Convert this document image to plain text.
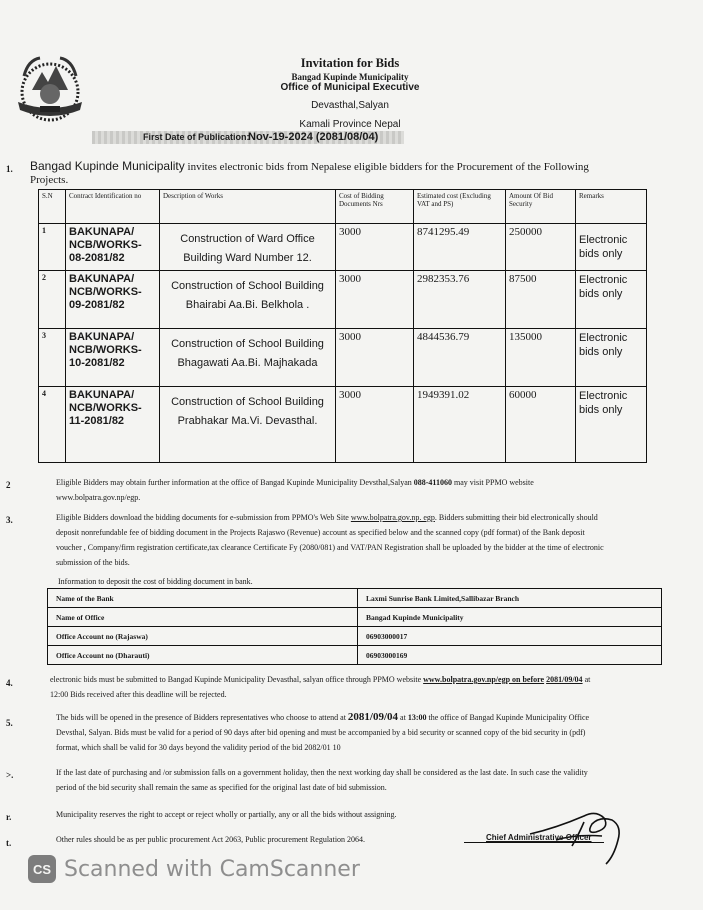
Invitation for Bids
Bangad Kupinde Municipality
Office of Municipal Executive
Devasthal,Salyan
Kamali Province Nepal
First Date of Publication:
Nov-19-2024 (2081/08/04)
1. Bangad Kupinde Municipality invites electronic bids from Nepalese eligible bidders for the Procurement of the Following Projects.
S.N	Contract Identification no	Description of Works	Cost of Bidding Documents Nrs	Estimated cost (Excluding VAT and PS)	Amount Of Bid Security	Remarks
1	BAKUNAPA/ NCB/WORKS-08-2081/82	Construction of Ward Office Building Ward Number 12.	3000	8741295.49	250000	Electronic bids only
2	BAKUNAPA/ NCB/WORKS-09-2081/82	Construction of School Building Bhairabi Aa.Bi. Belkhola .	3000	2982353.76	87500	Electronic bids only
3	BAKUNAPA/ NCB/WORKS-10-2081/82	Construction of School Building Bhagawati Aa.Bi. Majhakada	3000	4844536.79	135000	Electronic bids only
4	BAKUNAPA/ NCB/WORKS-11-2081/82	Construction of School Building Prabhakar Ma.Vi. Devasthal.	3000	1949391.02	60000	Electronic bids only
2	Eligible Bidders may obtain further information at the office of Bangad Kupinde Municipality Devsthal,Salyan 088-411060 may visit PPMO website www.bolpatra.gov.np/egp.
3.	Eligible Bidders download the bidding documents for e-submission from PPMO's Web Site www.bolpatra.gov.np. egp. Bidders submitting their bid electronically should deposit nonrefundable fee of bidding document in the Projects Rajaswo (Revenue) account as specified below and the scanned copy (pdf format) of the Bank deposit voucher , Company/firm registration certificate,tax clearance Certificate Fy (2080/081) and VAT/PAN Registration shall be uploaded by the bidder at the time of electronic submission of the bids.
Information to deposit the cost of bidding document in bank.
Name of the Bank	Laxmi Sunrise Bank Limited,Sallibazar Branch
Name of Office	Bangad Kupinde Municipality
Office Account no (Rajaswa)	06903000017
Office Account no (Dharauti)	06903000169
4.	electronic bids must be submitted to Bangad Kupinde Municipality Devasthal, salyan office through PPMO website www.bolpatra.gov.np/egp on before 2081/09/04 at 12:00 Bids received after this deadline will be rejected.
5.
The bids will be opened in the presence of Bidders representatives who choose to attend at 2081/09/04 at 13:00 the office of Bangad Kupinde Municipality Office Devsthal, Salyan. Bids must be valid for a period of 90 days after bid opening and must be accompanied by a bid security or scanned copy of the bid security in (pdf) format, which shall be valid for 30 days beyond the validity period of the bid 2082/01 10
>.	If the last date of purchasing and /or submission falls on a government holiday, then the next working day shall be considered as the last date. In such case the validity period of the bid security shall remain the same as specified for the original last date of bid submission.
r.	Municipality reserves the right to accept or reject wholly or partially, any or all the bids without assigning.
t.	Other rules should be as per public procurement Act 2063, Public procurement Regulation 2064.	Chief Administrative Officer
CS Scanned with CamScanner
